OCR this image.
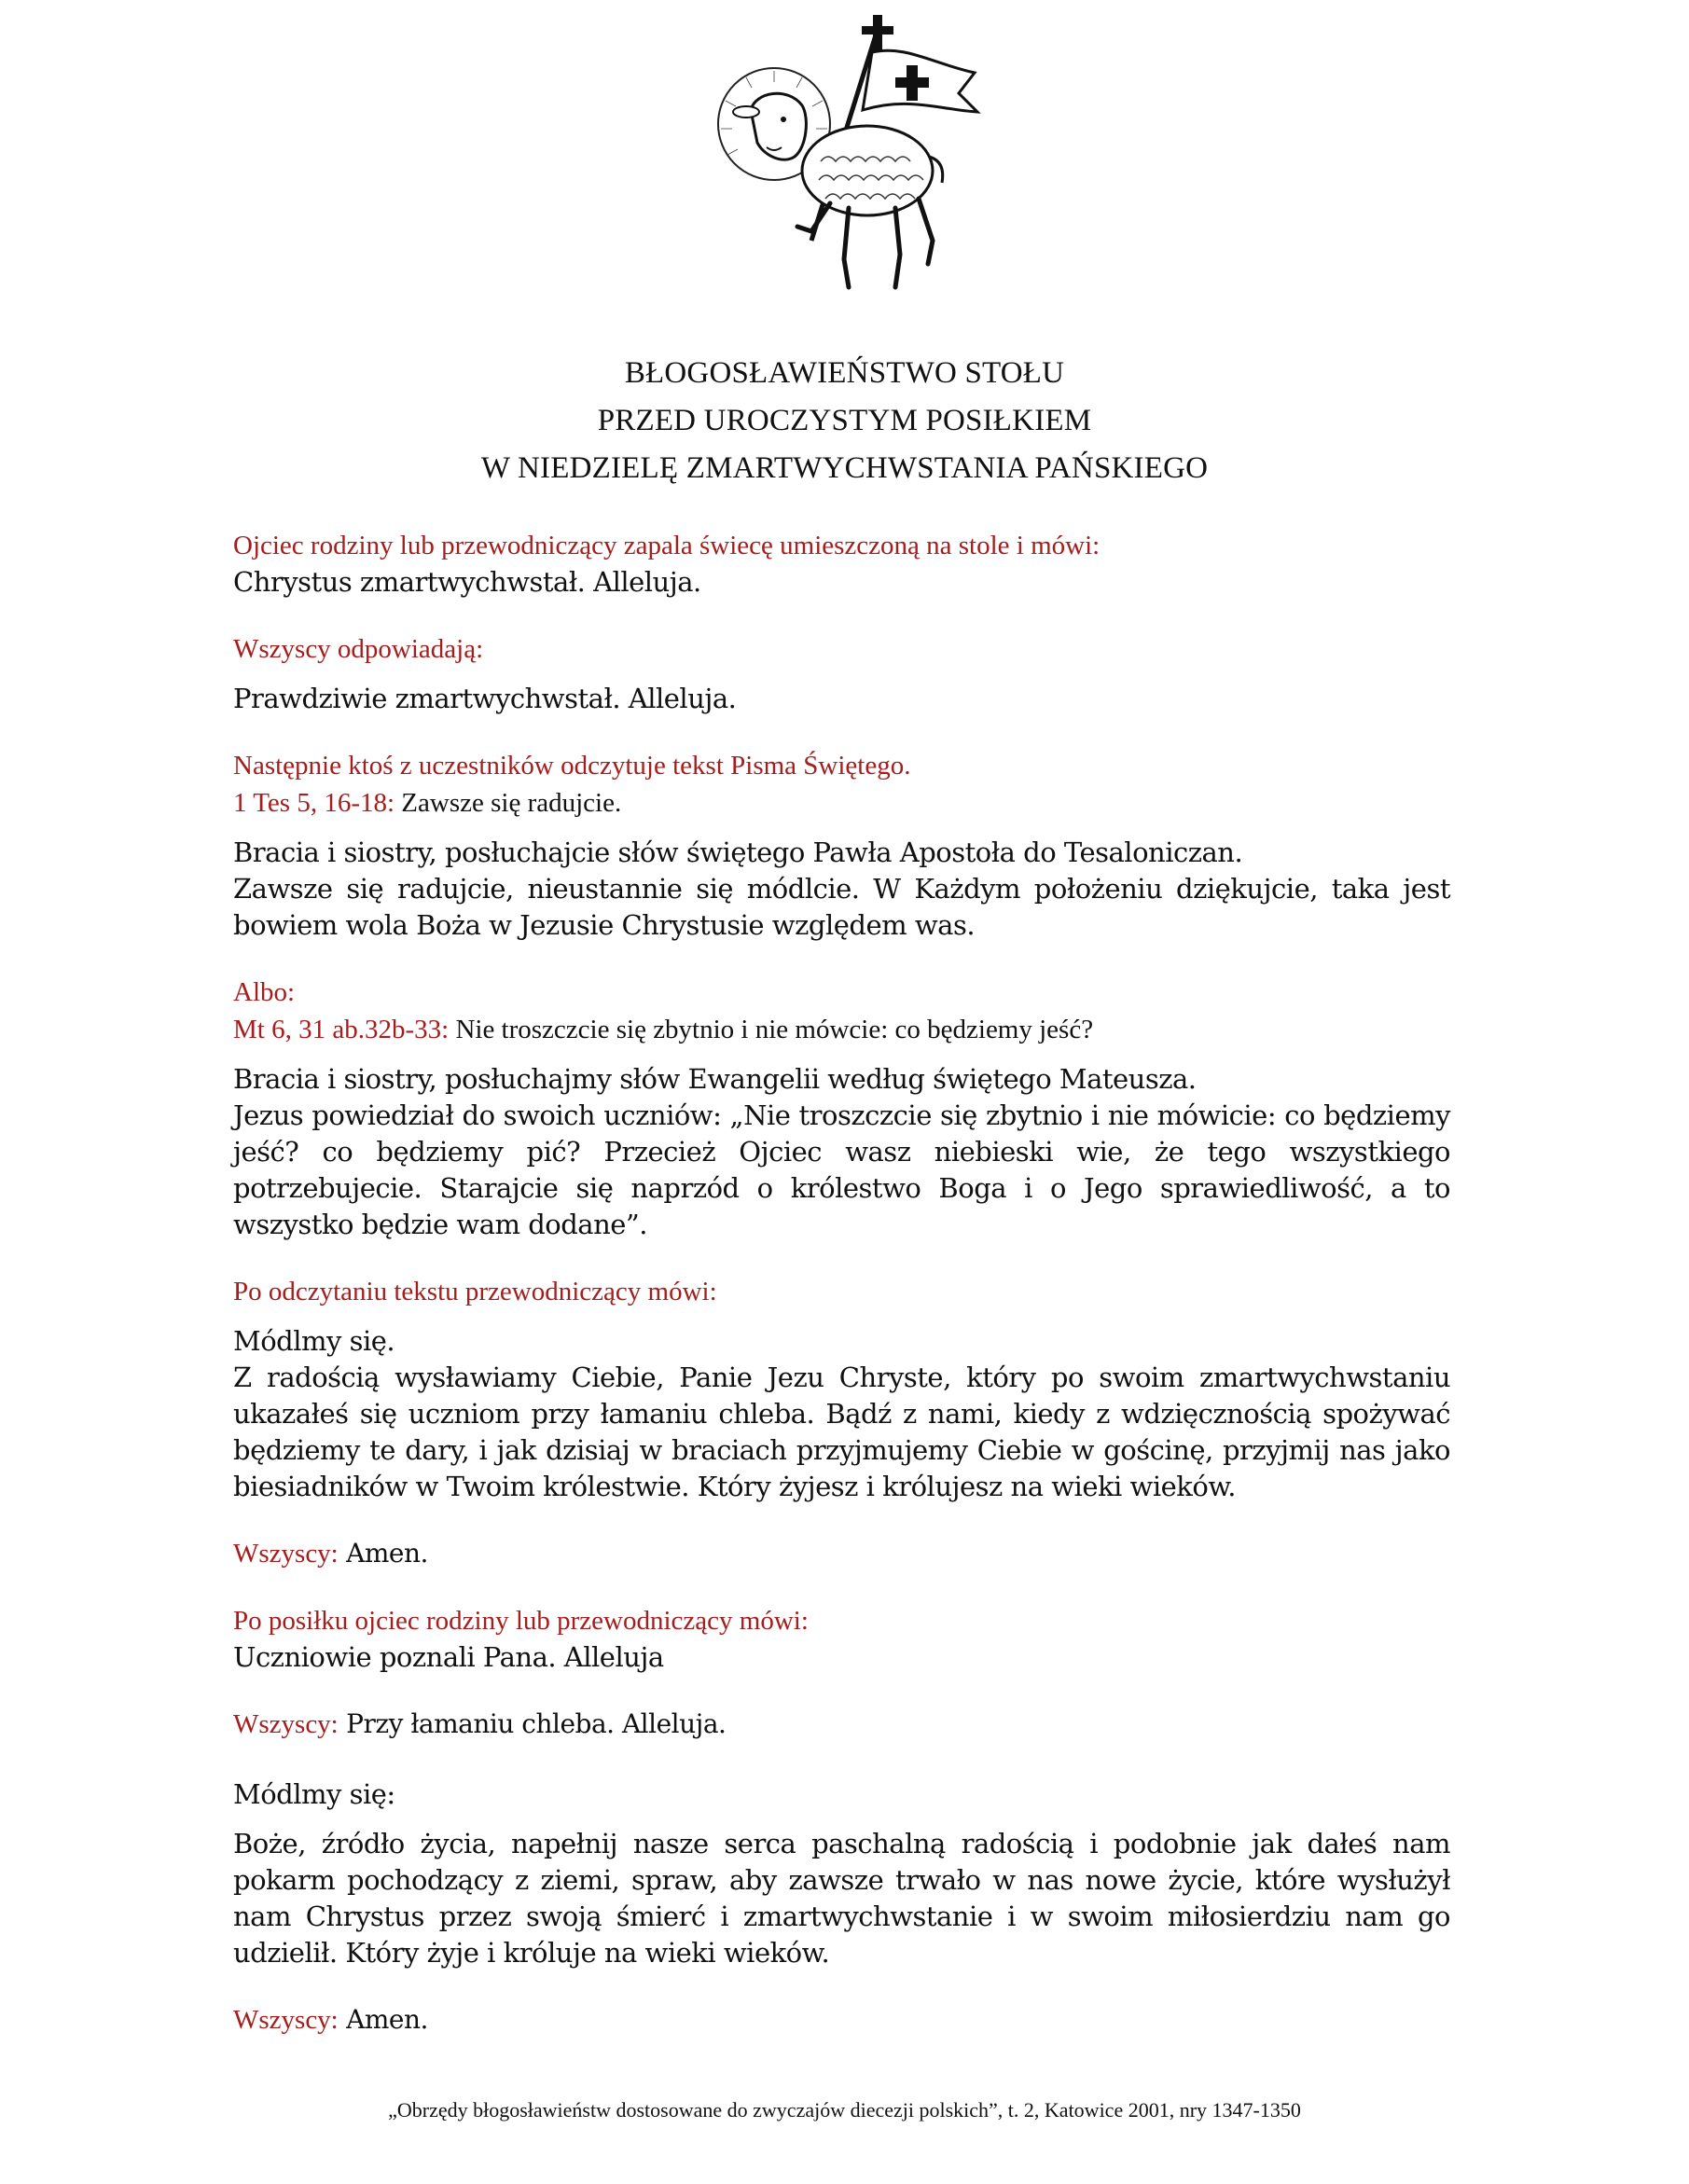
BŁOGOSŁAWIEŃSTWO STOŁU
PRZED UROCZYSTYM POSIŁKIEM
W NIEDZIELĘ ZMARTWYCHWSTANIA PAŃSKIEGO
Ojciec rodziny lub przewodniczący zapala świecę umieszczoną na stole i mówi:
Chrystus zmartwychwstał. Alleluja.
Wszyscy odpowiadają:
Prawdziwie zmartwychwstał. Alleluja.
Następnie ktoś z uczestników odczytuje tekst Pisma Świętego.
1 Tes 5, 16-18: Zawsze się radujcie.
Bracia i siostry, posłuchajcie słów świętego Pawła Apostoła do Tesaloniczan.
Zawsze się radujcie, nieustannie się módlcie. W Każdym położeniu dziękujcie, taka jest bowiem wola Boża w Jezusie Chrystusie względem was.
Albo:
Mt 6, 31 ab.32b-33: Nie troszczcie się zbytnio i nie mówcie: co będziemy jeść?
Bracia i siostry, posłuchajmy słów Ewangelii według świętego Mateusza.
Jezus powiedział do swoich uczniów: „Nie troszczcie się zbytnio i nie mówicie: co będziemy jeść? co będziemy pić? Przecież Ojciec wasz niebieski wie, że tego wszystkiego potrzebujecie. Starajcie się naprzód o królestwo Boga i o Jego sprawiedliwość, a to wszystko będzie wam dodane”.
Po odczytaniu tekstu przewodniczący mówi:
Módlmy się.
Z radością wysławiamy Ciebie, Panie Jezu Chryste, który po swoim zmartwychwstaniu ukazałeś się uczniom przy łamaniu chleba. Bądź z nami, kiedy z wdzięcznością spożywać będziemy te dary, i jak dzisiaj w braciach przyjmujemy Ciebie w gościnę, przyjmij nas jako biesiadników w Twoim królestwie. Który żyjesz i królujesz na wieki wieków.
Wszyscy: Amen.
Po posiłku ojciec rodziny lub przewodniczący mówi:
Uczniowie poznali Pana. Alleluja
Wszyscy: Przy łamaniu chleba. Alleluja.
Módlmy się:
Boże, źródło życia, napełnij nasze serca paschalną radością i podobnie jak dałeś nam pokarm pochodzący z ziemi, spraw, aby zawsze trwało w nas nowe życie, które wysłużył nam Chrystus przez swoją śmierć i zmartwychwstanie i w swoim miłosierdziu nam go udzielił. Który żyje i króluje na wieki wieków.
Wszyscy: Amen.
„Obrzędy błogosławieństw dostosowane do zwyczajów diecezji polskich”, t. 2, Katowice 2001, nry 1347-1350
